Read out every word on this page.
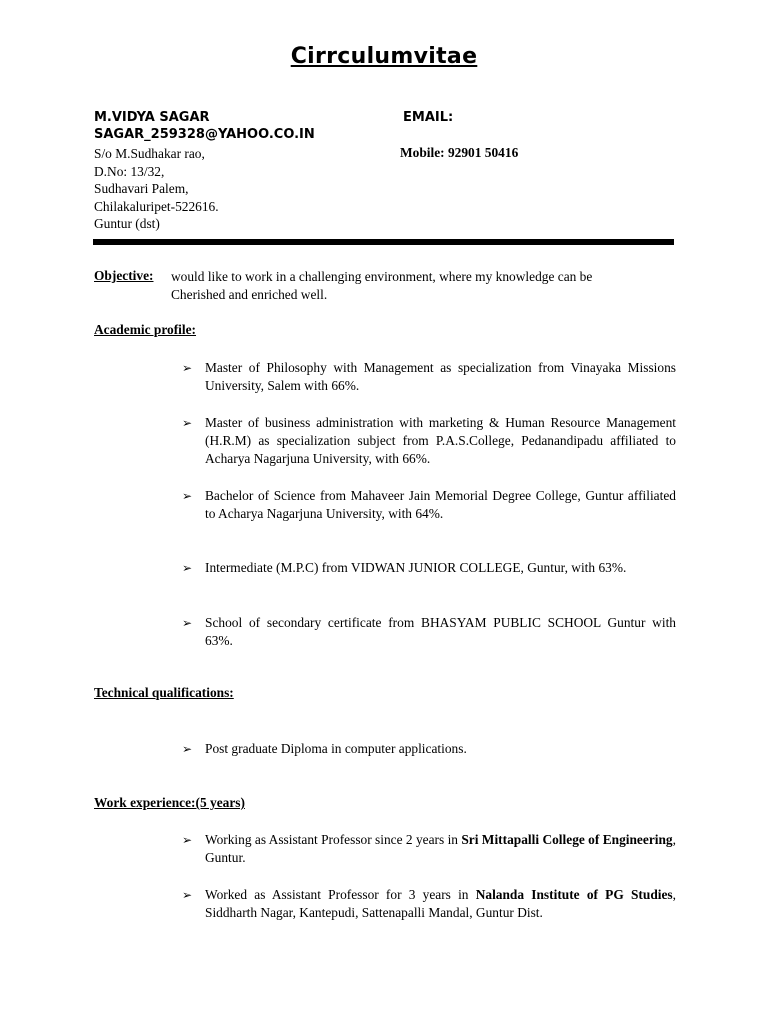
Cirrculumvitae
M.VIDYA SAGAR	EMAIL:
SAGAR_259328@YAHOO.CO.IN
S/o M.Sudhakar rao,
D.No: 13/32,
Sudhavari Palem,
Chilakaluripet-522616.
Guntur (dst)
Mobile: 92901 50416
Objective: would like to work in a challenging environment, where my knowledge can be
Cherished and enriched well.
Academic profile:
➢ Master of Philosophy with Management as specialization from Vinayaka Missions University, Salem with 66%.
➢ Master of business administration with marketing & Human Resource Management (H.R.M) as specialization subject from P.A.S.College, Pedanandipadu affiliated to Acharya Nagarjuna University, with 66%.
➢ Bachelor of Science from Mahaveer Jain Memorial Degree College, Guntur affiliated to Acharya Nagarjuna University, with 64%.
➢ Intermediate (M.P.C) from VIDWAN JUNIOR COLLEGE, Guntur, with 63%.
➢ School of secondary certificate from BHASYAM PUBLIC SCHOOL Guntur with 63%.
Technical qualifications:
➢ Post graduate Diploma in computer applications.
Work experience:(5 years)
➢ Working as Assistant Professor since 2 years in Sri Mittapalli College of Engineering, Guntur.
➢ Worked as Assistant Professor for 3 years in Nalanda Institute of PG Studies, Siddharth Nagar, Kantepudi, Sattenapalli Mandal, Guntur Dist.
